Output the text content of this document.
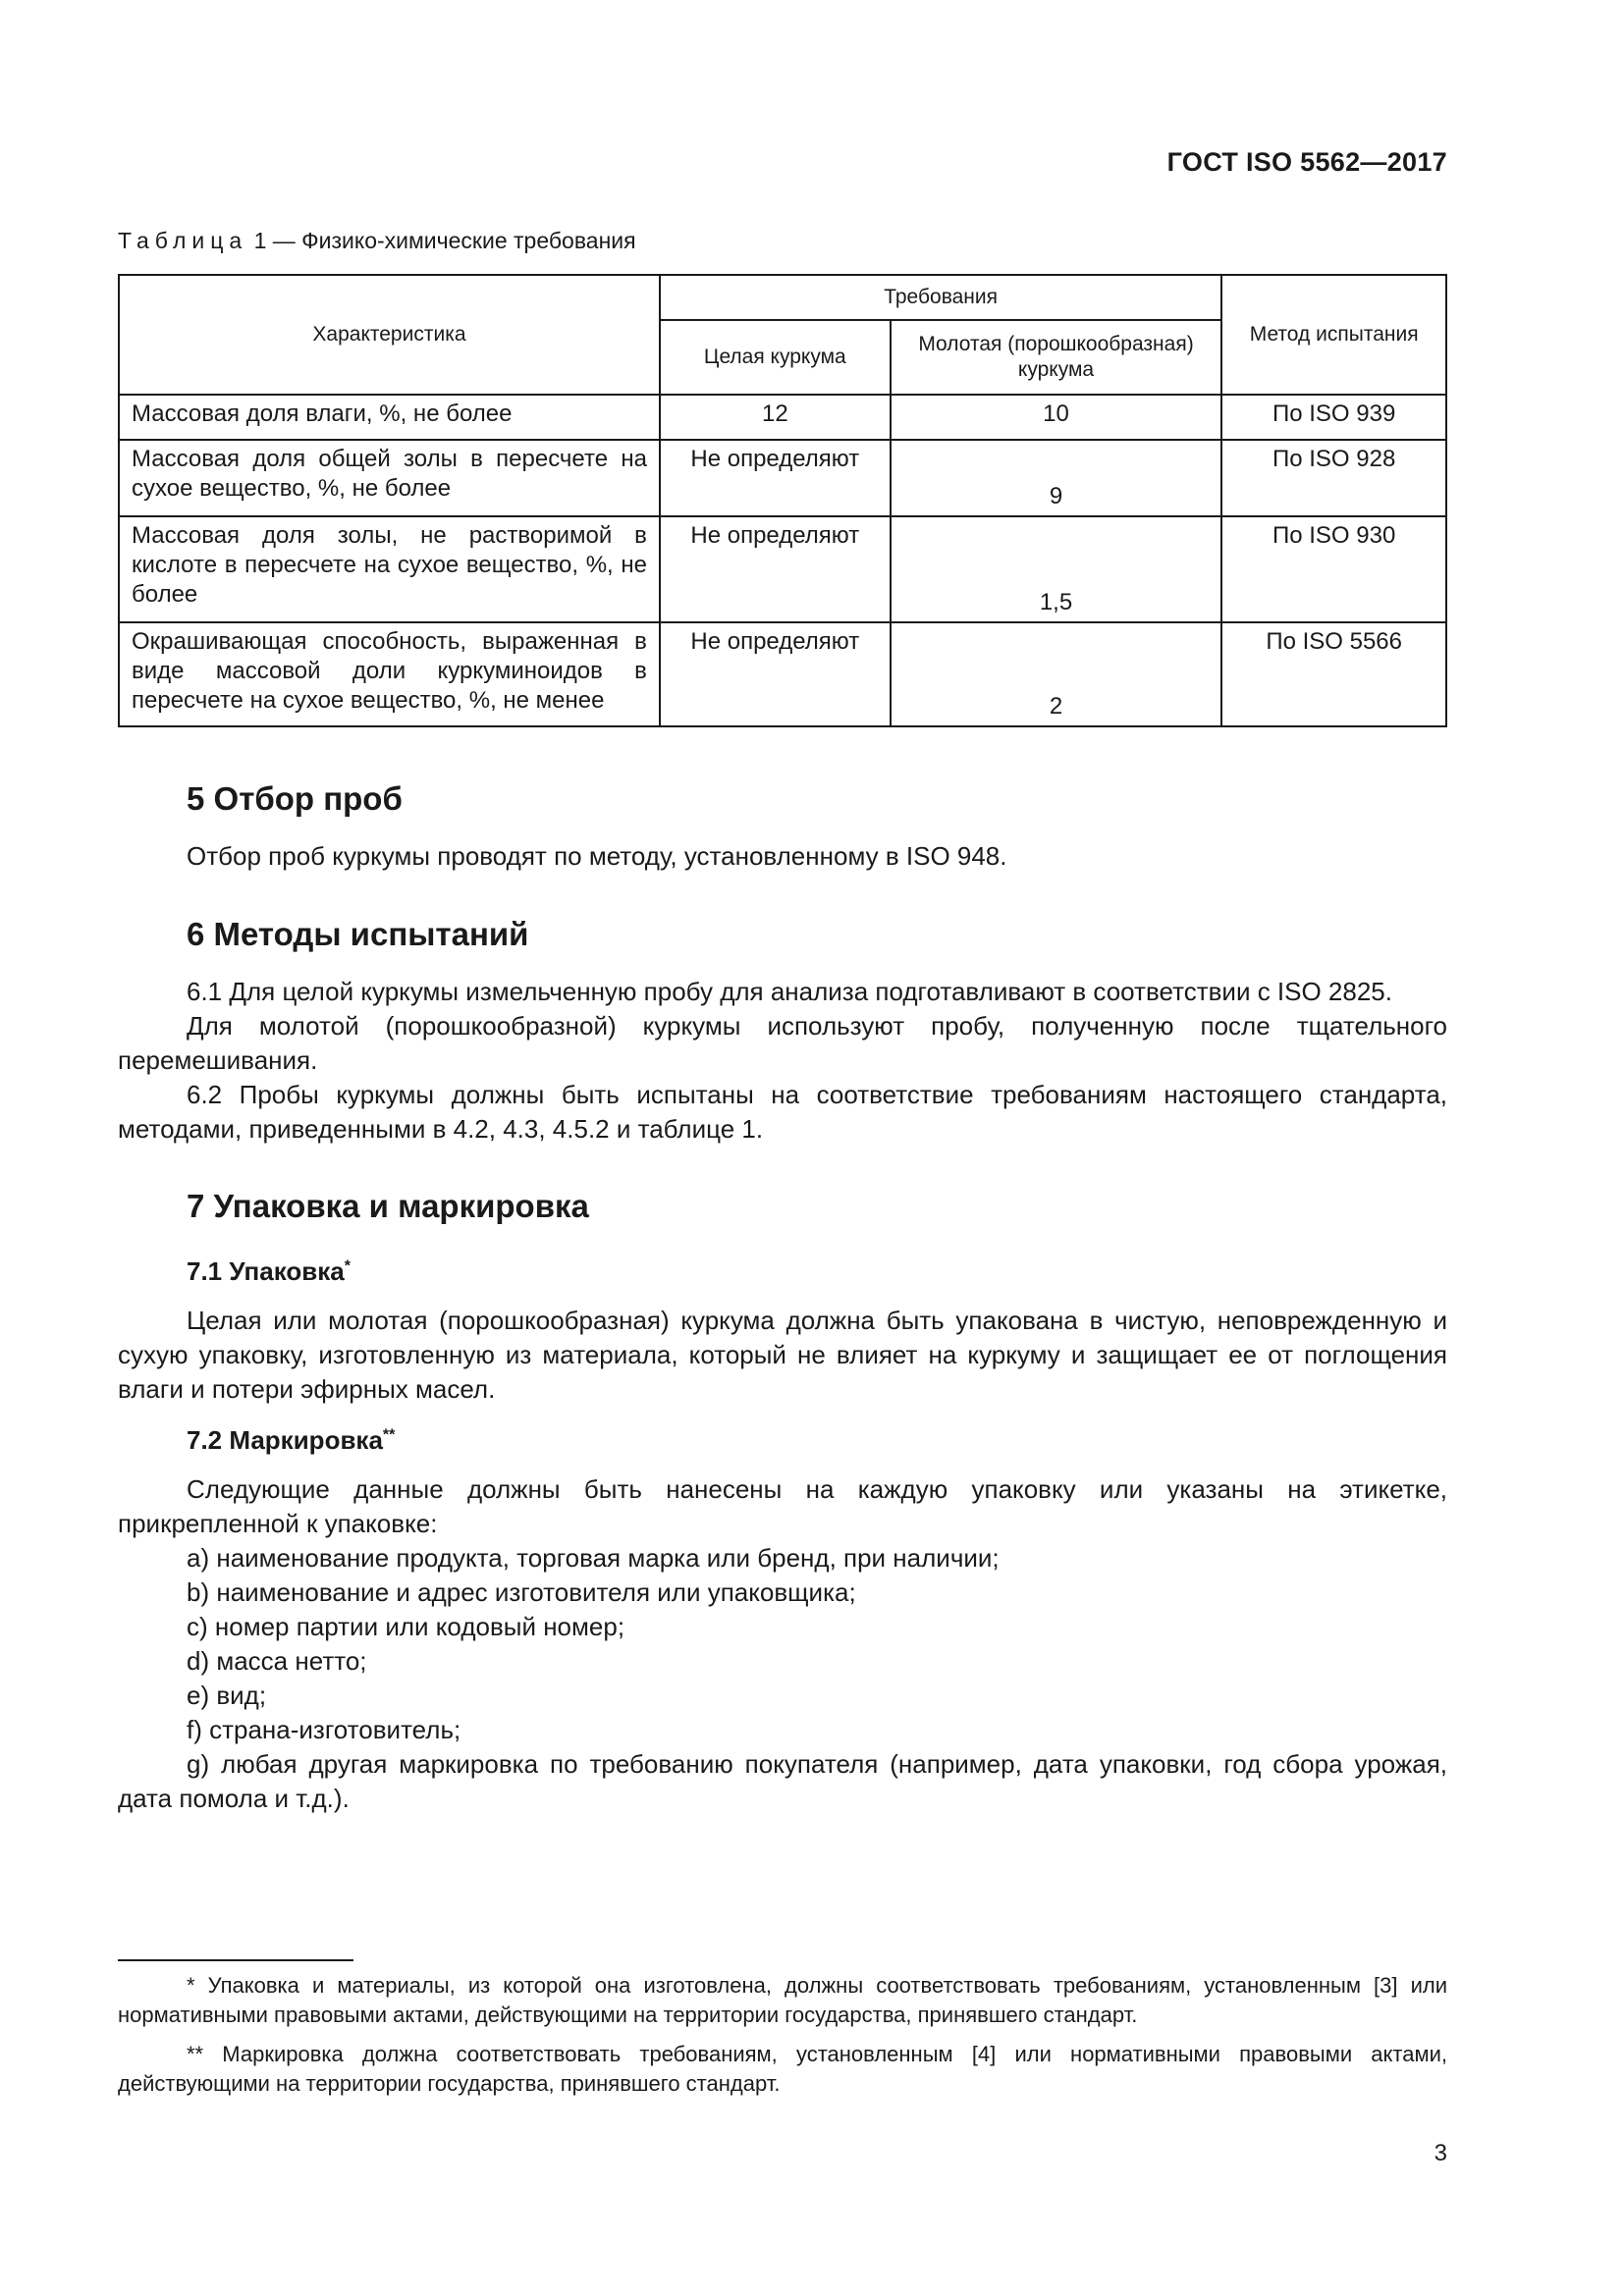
ГОСТ ISO 5562—2017
Таблица 1 — Физико-химические требования
Характеристика	Требования		Метод испытания
	Целая куркума	Молотая (порошкообразная) куркума	
Массовая доля влаги, %, не более	12	10	По ISO 939
Массовая доля общей золы в пересчете на сухое вещество, %, не более	Не определяют	9	По ISO 928
Массовая доля золы, не растворимой в кислоте в пересчете на сухое вещество, %, не более	Не определяют	1,5	По ISO 930
Окрашивающая способность, выраженная в виде массовой доли куркуминоидов в пересчете на сухое вещество, %, не менее	Не определяют	2	По ISO 5566
5 Отбор проб

Отбор проб куркумы проводят по методу, установленному в ISO 948.

6 Методы испытаний

6.1 Для целой куркумы измельченную пробу для анализа подготавливают в соответствии с ISO 2825.

Для молотой (порошкообразной) куркумы используют пробу, полученную после тщательного перемешивания.

6.2 Пробы куркумы должны быть испытаны на соответствие требованиям настоящего стандарта, методами, приведенными в 4.2, 4.3, 4.5.2 и таблице 1.

7 Упаковка и маркировка
7.1 Упаковка*

Целая или молотая (порошкообразная) куркума должна быть упакована в чистую, неповрежденную и сухую упаковку, изготовленную из материала, который не влияет на куркуму и защищает ее от поглощения влаги и потери эфирных масел.

7.2 Маркировка**

Следующие данные должны быть нанесены на каждую упаковку или указаны на этикетке, прикрепленной к упаковке:

a) наименование продукта, торговая марка или бренд, при наличии;

b) наименование и адрес изготовителя или упаковщика;

c) номер партии или кодовый номер;

d) масса нетто;

e) вид;

f) страна-изготовитель;

g) любая другая маркировка по требованию покупателя (например, дата упаковки, год сбора урожая, дата помола и т.д.).

* Упаковка и материалы, из которой она изготовлена, должны соответствовать требованиям, установленным [3] или нормативными правовыми актами, действующими на территории государства, принявшего стандарт.

** Маркировка должна соответствовать требованиям, установленным [4] или нормативными правовыми актами, действующими на территории государства, принявшего стандарт.

3
